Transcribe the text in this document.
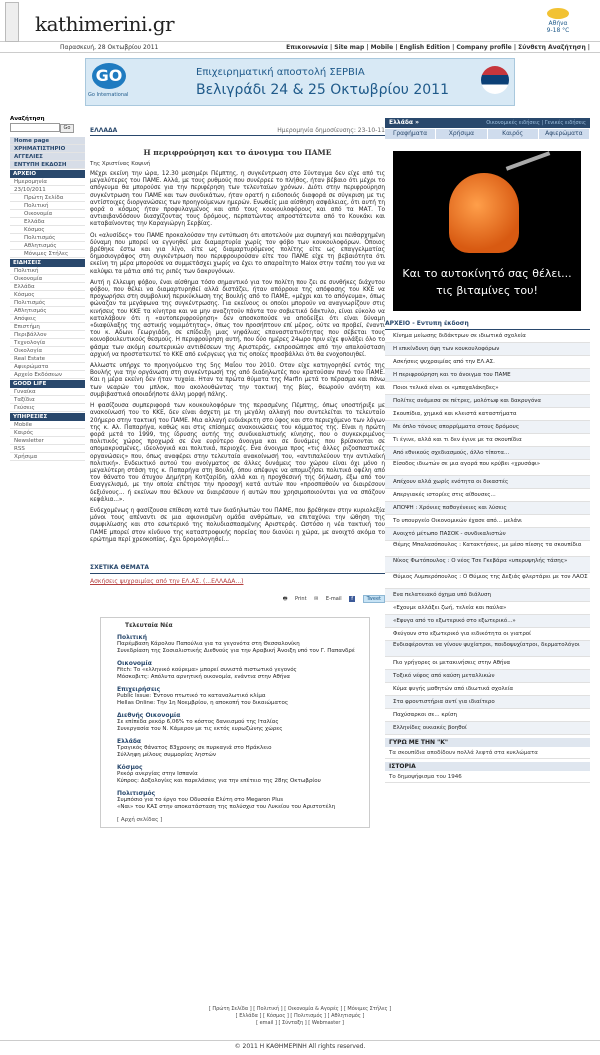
kathimerini.gr	Αθήνα
9-18 °C
Παρασκευή, 28 Οκτωβρίου 2011	Επικοινωνία | Site map | Mobile | English Edition | Company profile | Σύνθετη Αναζήτηση |
GO
Go International
Επιχειρηματική αποστολή ΣΕΡΒΙΑ
Βελιγράδι 24 & 25 Οκτωβρίου 2011
Αναζήτηση
Go
Home page
ΧΡΗΜΑΤΙΣΤΗΡΙΟ
ΑΓΓΕΛΙΕΣ
ΕΝΤΥΠΗ ΕΚΔΟΣΗ
ΑΡΧΕΙΟ
Ημερομηνία
23/10/2011
Πρώτη Σελίδα
Πολιτική
Οικονομία
Ελλάδα
Κόσμος
Πολιτισμός
Αθλητισμός
Μόνιμες Στήλες
ΕΙΔΗΣΕΙΣ
Πολιτική
Οικονομία
Ελλάδα
Κόσμος
Πολιτισμός
Αθλητισμός
Απόψεις
Επιστήμη
Περιβάλλον
Τεχνολογία
Οικολογία
Real Estate
Αφιερώματα
Αρχείο Εκδόσεων
GOOD LIFE
Γυναίκα
Ταξίδια
Γεύσεις
ΥΠΗΡΕΣΙΕΣ
Mobile
Καιρός
Newsletter
RSS
Χρήσιμα
ΕΛΛΑΔΑ	Ημερομηνία δημοσίευσης: 23-10-11
Η περιφρούρηση και το άνοιγμα του ΠΑΜΕ
Της Χριστίνας Κοψινή

Μέχρι εκείνη την ώρα, 12.30 μεσημέρι Πέμπτης, η συγκέντρωση στο Σύνταγμα δεν είχε από τις μεγαλύτερες του ΠΑΜΕ. Αλλά, με τους ρυθμούς που συνέρρεε το πλήθος, ήταν βέβαιο ότι μέχρι το απόγευμα θα μπορούσε για την περιφέρηση των τελευταίων χρόνων. Διότι στην περιφρούρηση συγκέντρωση του ΠΑΜΕ και των συνδικάτων, ήταν ορατή η ειδοποιός διαφορά σε σύγκριση με τις αντίστοιχες διοργανώσεις των προηγούμενων ημερών. Ενωθείς μια αίσθηση ασφάλειας, ότι αυτή τη φορά ο κόσμος ήταν προφυλαγμένος και από τους κουκουλοφόρους και από τα ΜΑΤ. Το αντιαιβανδόσουν διασχίζοντας τους δρόμους, περπατώντας απροστάτευτα από το Κουκάκι και καταβαίνοντας την Καραγιώργη Σερβίας.

Οι «αλυσίδες» του ΠΑΜΕ προκαλούσαν την εντύπωση ότι αποτελούν μια συμπαγή και πειθαρχημένη δύναμη που μπορεί να εγγυηθεί μια διαμαρτυρία χωρίς τον φόβο των κουκουλοφόρων. Οποιος βρέθηκε έστω και για λίγο, είτε ως διαμαρτυρόμενος πολίτης είτε ως επαγγελματίας δημοσιογράφος στη συγκέντρωση που περιφρουρούσαν είτε του ΠΑΜΕ είχε τη βεβαιότητα ότι εκείνη τη μέρα μπορούσε να συμμετάσχει χωρίς να έχει το απαραίτητο Malox στην τσέπη του για να καλύψει τα μάτια από τις ριπές των δακρυγόνων.

Αυτή η έλλειψη φόβου, έναι αίσθημα τόσο σημαντικό για τον πολίτη που ζει σε συνθήκες διάχυτου φόβου, που θέλει να διαμαρτυρηθεί αλλά διστάζει, ήταν απόρροια της απόφασης του ΚΚΕ να προχωρήσει στη συμβολική περικύκλωση της Βουλής από το ΠΑΜΕ, «μέχρι και το απόγευμα», όπως φώναζαν τα μεγάφωνα της συγκέντρωσης. Για εκείνους οι οποίοι μπορούν να αναγνωρίζουν στις κινήσεις του ΚΚΕ τα κίνητρα και να μην αναζητούν πάντα τον σοβιετικό δάκτυλο, είναι εύκολο να καταλάβουν ότι η «αυτοπεριφρούρηση» δεν αποσκοπούσε να αποδείξει ότι είναι δύναμη «διαφύλαξης της αστικής νομιμότητας», όπως τον προσήπτουν επί μέρος, ούτε να προβεί, έναντι του κ. Αδωνι Γεωργιάδη, σε επίδειξη μιας νηφάλιας επαναστατικότητας που σέβεται τους κοινοβουλευτικούς θεσμούς. Η περιφρούρηση αυτή, που δύο ημέρες 24ωρο πριν είχε φυλάξει όλο το φάσμα των ακόμη εσωτερικών αντιθέσεων της Αριστεράς, εκπροσώπησε από την απαλούσταση αρχική να προστατευτεί το ΚΚΕ από ενέργειες για τις οποίες προσβάλλει ότι θα ενοχοποιηθεί.

Αλλωστε υπήρχε το προηγούμενο της 5ης Μαΐου του 2010. Οταν είχε κατηγορηθεί εντός της Βουλής για την οργάνωση στη συγκέντρωσή της από διαδηλωτές που κρατούσαν πανό του ΠΑΜΕ. Και η μέρα εκείνη δεν ήταν τυχαία. Ηταν τα πρώτα θύματα της Marfin μετά το πέρασμα και πάνω των νεαρών του μπλοκ, που ακολουθώντας την τακτική της βίας, θεωρούν ανόητη και συμβιβαστικά οποιαδήποτε άλλη μορφή πάλης.

Η φασίζουσα συμπεριφορά των κουκουλοφόρων της περασμένης Πέμπτης, όπως υποστήριξε με ανακοίνωσή του το ΚΚΕ, δεν είναι άσχετη με τη μεγάλη αλλαγή που συντελείται το τελευταίο 20ήμερο στην τακτική του ΠΑΜΕ. Μια αλλαγή ευδιάκριτη στο ύφος και στο περιεχόμενο των λόγων της κ. Αλ. Παπαρήγα, καθώς και στις επίσημες ανακοινώσεις του κόμματος της. Είναι η πρώτη φορά μετά το 1999, της ίδρυσης αυτής της συνδικαλιστικής κίνησης, που ο συγκεκριμένος πολιτικός χώρος προχωρά σε ένα ευρύτερο άνοιγμα και σε δυνάμεις που βρίσκονται σε απομακρυσμένες, ιδεολογικά και πολιτικά, περιοχές. Ενα άνοιγμα προς «τις άλλες ριζοσπαστικές οργανώσεις» που, όπως αναφέρει στην τελευταία ανακοίνωσή του, «αντιπαλεύουν την αντιλαϊκή πολιτική». Ενδεικτικό αυτού του ανοίγματος σε άλλες δυνάμεις του χώρου είναι όχι μόνο η μεγαλύτερη στάση της κ. Παπαρήγα στη Βουλή, όπου απέφυγε να απομυζήσει πολιτικά οφέλη από τον θάνατο του άτυχου Δημήτρη Κοτζαρίδη, αλλά και η προχθεσινή της δήλωση, έξω από τον Ευαγγελισμό, με την οποία επέτησε την προσοχή κατά αυτών που «προσπαθούν να διαιρέσουν δεξιόνους... ή εκείνων που θέλουν να διαιρέσουν ή αυτών που χρησιμοποιούνται για να σπάζουν κεφάλια...».

Ενδεχομένως η φασίζουσα επίθεση κατά των διαδηλωτών του ΠΑΜΕ, που βρέθηκαν στην κυριολεξία μόνοι τους απέναντι σε μια αφιονισμένη ομάδα ανθρώπων, να επιταχύνει την ώθηση της συμφιλίωσης και στο εσωτερικό της πολυδιασπασμένης Αριστεράς. Ωστόσο η νέα τακτική του ΠΑΜΕ μπορεί στον κίνδυνο της καταστροφικής πορείας που διανύει η χώρα, με ανοιχτό ακόμα το ερώτημα περί χρεοκοπίας, έχει δρομολογηθεί...

ΣΧΕΤΙΚΑ ΘΕΜΑΤΑ
Ασκήσεις ψυχραιμίας από την ΕΛ.ΑΣ. (...ΕΛΛΑΔΑ...)
🖶 Print ✉ E-mail f	Tweet
Τελευταία Νέα
Πολιτική
Παρέμβαση Κάρολου Παπούλια για τα γεγονότα στη Θεσσαλονίκη
Συνεδρίαση της Σοσιαλιστικής Διεθνούς για την Αραβική Άνοιξη υπό τον Γ. Παπανδρέ
Οικονομία
Fitch: Το «ελληνικό κούρεμα» μπορεί συνιστά πιστωτικό γεγονός
Μόσκοβιτς: Απόλυτα αρνητική οικονομία, ενάντια στην Αθήνα
Επιχειρήσεις
Public Issue: Έντονο πτωτικό το καταναλωτικό κλίμα
Hellas Online: Την 1η Νοεμβρίου, η αποκοπή του δικαιώματος
Διεθνής Οικονομία
Σε επίπεδα ρεκόρ 6,06% το κόστος δανεισμού της Ιταλίας
Συνεργασία του Ν. Κάμερον με τις εκτός ευρωζώνης χώρες
Ελλάδα
Τραγικός θάνατος 83χρονης σε πυρκαγιά στο Ηράκλειο
Σύλληψη μέλους συμμορίας ληστών
Κόσμος
Ρεκόρ ανεργίας στην Ισπανία
Κύπρος: Δοξολογίες και παρελάσεις για την επέτειο της 28ης Οκτωβρίου
Πολιτισμός
Συμπόσιο για το έργο του Οδυσσέα Ελύτη στο Megaron Plus
«Ναι» του ΚΑΣ στην αποκατάσταση της πολύσχισ του Λυκείου του Αριστοτέλη
[ Αρχή σελίδας ]
[ Πρώτη Σελίδα ] [ Πολιτική ] [ Οικονομία & Αγορές ] [ Μόνιμες Στήλες ]
[ Ελλάδα ] [ Κόσμος ] [ Πολιτισμός ] [ Αθλητισμός ]
[ email ] [ Σύνταξη ] [ Webmaster ]
© 2011 Η ΚΑΘΗΜΕΡΙΝΗ All rights reserved.
Ελλάδα »	Οικονομικές ειδήσεις | Γενικές ειδήσεις
Γραφήματα	Χρήσιμα	Καιρός	Αφιερώματα
Και το αυτοκίνητό σας θέλει...
τις βιταμίνες του!
ΑΡΧΕΙΟ - Εντυπη έκδοση
Κίνημα μείωσης διδάκτρων σε ιδιωτικά σχολεία
Η επικίνδυνη όψη των κουκουλοφόρων
Ασκήσεις ψυχραιμίας από την ΕΛ.ΑΣ.
Η περιφρούρηση και το άνοιγμα του ΠΑΜΕ
Ποιοι τελικά είναι οι «μπαχαλάκηδες»
Πολίτες ανάμεσα σε πέτρες, μολότωφ και δακρυγόνα
Σκουπίδια, χημικά και κλειστά καταστήματα
Με όπλο τόνους απορρίμματα στους δρόμους
Τι έγινε, αλλά και τι δεν έγινε με τα σκουπίδια
Από εθνικούς σχεδιασμούς, άλλο τίποτα...
Είσοδος ιδιωτών σε μια αγορά που κρύβει «χρυσάφι»
Απέχουν αλλά χωρίς ενότητα οι δικαστές
Απεργιακές ιστορίες στις αίθουσες...
ΑΠΟΨΗ : Χρόνιες παθογένειες και λύσεις
Το υπουργείο Οικονομικών έχασε από... μελάνι
Ανοιχτό μέτωπο ΠΑΣΟΚ - συνδικαλιστών
Θέμης Μπαλασόπουλος : Κατακτήσεις, με μέσο πίεσης τα σκουπίδια
Νίκος Φωτόπουλος : Ο νέος Τσε Γκεβάρα «υπερυψηλής τάσης»
Θύμιος Λυμπερόπουλος : Ο Θύμιος της Δεξιάς φλερτάρει με τον ΛΑΟΣ
Ενα πελατειακό όχημα υπό διάλυση
«Εχουμε αλλάξει ζωή, τελεία και παύλα»
«Εφυγα από το εξωτερικό στο εξωτερικό...»
Φεύγουν στο εξωτερικό για ειδικότητα οι γιατροί
Ενδιαφέρονται να γίνουν ψυχίατροι, παιδοψυχίατροι, δερματολόγοι
Πιο γρήγορες οι μετακινήσεις στην Αθήνα
Τοξικό νέφος από καύση μεταλλικών
Κύμα φυγής μαθητών από ιδιωτικά σχολεία
Στα φροντιστήρια αντί για ιδιαίτερο
Παχύσαρκοι σε... κρίση
Ελληνίδες οικιακές βοηθοί
ΓΥΡΩ ΜΕ ΤΗΝ "Κ"
Τα σκουπίδια αποδίδουν πολλά λεφτά στα κυκλώματα
ΙΣΤΟΡΙΑ
Το δημοψήφισμα του 1946
